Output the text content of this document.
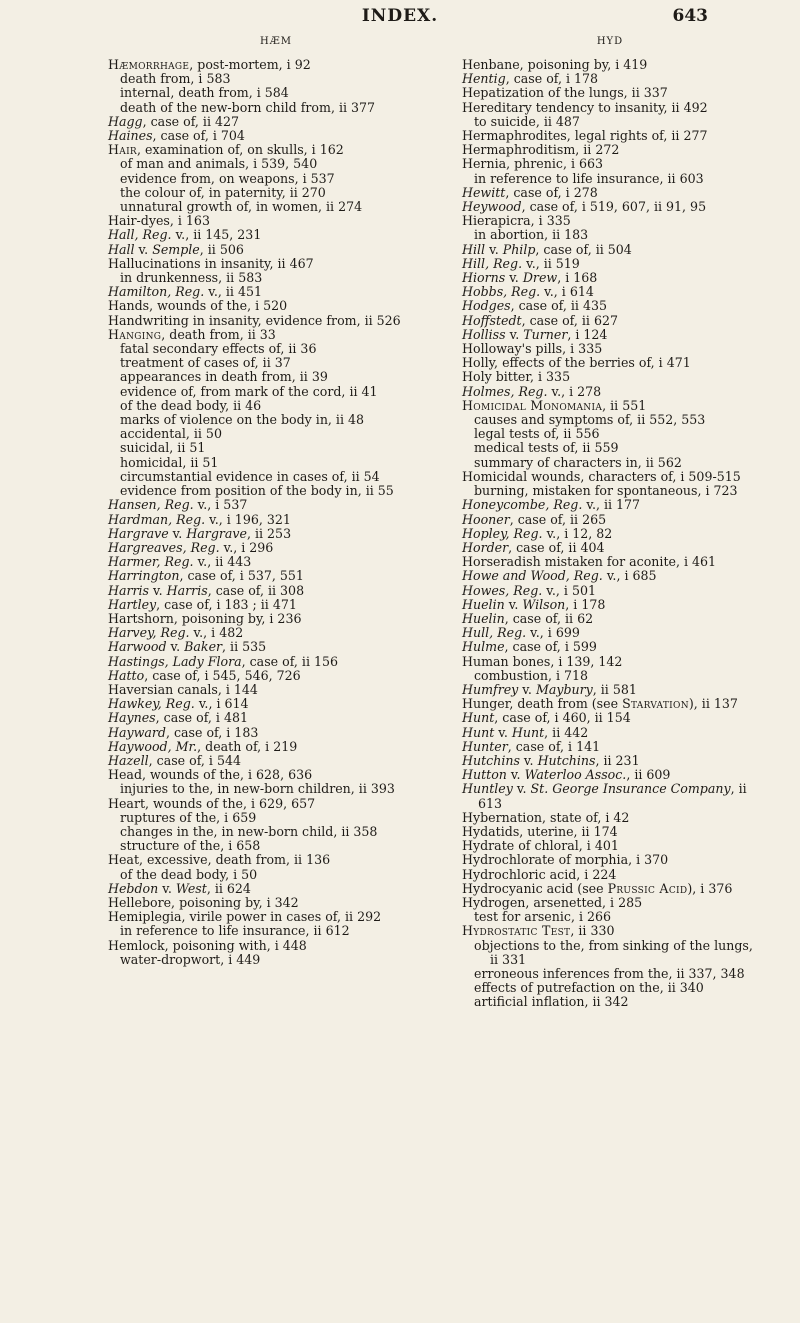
INDEX.	643
HÆM
Hæmorrhage, post-mortem, i 92
death from, i 583
internal, death from, i 584
death of the new-born child from, ii 377
Hagg, case of, ii 427
Haines, case of, i 704
Hair, examination of, on skulls, i 162
of man and animals, i 539, 540
evidence from, on weapons, i 537
the colour of, in paternity, ii 270
unnatural growth of, in women, ii 274
Hair-dyes, i 163
Hall, Reg. v., ii 145, 231
Hall v. Semple, ii 506
Hallucinations in insanity, ii 467
in drunkenness, ii 583
Hamilton, Reg. v., ii 451
Hands, wounds of the, i 520
Handwriting in insanity, evidence from, ii 526
Hanging, death from, ii 33
fatal secondary effects of, ii 36
treatment of cases of, ii 37
appearances in death from, ii 39
evidence of, from mark of the cord, ii 41
of the dead body, ii 46
marks of violence on the body in, ii 48
accidental, ii 50
suicidal, ii 51
homicidal, ii 51
circumstantial evidence in cases of, ii 54
evidence from position of the body in, ii 55
Hansen, Reg. v., i 537
Hardman, Reg. v., i 196, 321
Hargrave v. Hargrave, ii 253
Hargreaves, Reg. v., i 296
Harmer, Reg. v., ii 443
Harrington, case of, i 537, 551
Harris v. Harris, case of, ii 308
Hartley, case of, i 183 ; ii 471
Hartshorn, poisoning by, i 236
Harvey, Reg. v., i 482
Harwood v. Baker, ii 535
Hastings, Lady Flora, case of, ii 156
Hatto, case of, i 545, 546, 726
Haversian canals, i 144
Hawkey, Reg. v., i 614
Haynes, case of, i 481
Hayward, case of, i 183
Haywood, Mr., death of, i 219
Hazell, case of, i 544
Head, wounds of the, i 628, 636
injuries to the, in new-born children, ii 393
Heart, wounds of the, i 629, 657
ruptures of the, i 659
changes in the, in new-born child, ii 358
structure of the, i 658
Heat, excessive, death from, ii 136
of the dead body, i 50
Hebdon v. West, ii 624
Hellebore, poisoning by, i 342
Hemiplegia, virile power in cases of, ii 292
in reference to life insurance, ii 612
Hemlock, poisoning with, i 448
water-dropwort, i 449
HYD
Henbane, poisoning by, i 419
Hentig, case of, i 178
Hepatization of the lungs, ii 337
Hereditary tendency to insanity, ii 492
to suicide, ii 487
Hermaphrodites, legal rights of, ii 277
Hermaphroditism, ii 272
Hernia, phrenic, i 663
in reference to life insurance, ii 603
Hewitt, case of, i 278
Heywood, case of, i 519, 607, ii 91, 95
Hierapicra, i 335
in abortion, ii 183
Hill v. Philp, case of, ii 504
Hill, Reg. v., ii 519
Hiorns v. Drew, i 168
Hobbs, Reg. v., i 614
Hodges, case of, ii 435
Hoffstedt, case of, ii 627
Holliss v. Turner, i 124
Holloway's pills, i 335
Holly, effects of the berries of, i 471
Holy bitter, i 335
Holmes, Reg. v., i 278
Homicidal Monomania, ii 551
causes and symptoms of, ii 552, 553
legal tests of, ii 556
medical tests of, ii 559
summary of characters in, ii 562
Homicidal wounds, characters of, i 509-515
burning, mistaken for spontaneous, i 723
Honeycombe, Reg. v., ii 177
Hooner, case of, ii 265
Hopley, Reg. v., i 12, 82
Horder, case of, ii 404
Horseradish mistaken for aconite, i 461
Howe and Wood, Reg. v., i 685
Howes, Reg. v., i 501
Huelin v. Wilson, i 178
Huelin, case of, ii 62
Hull, Reg. v., i 699
Hulme, case of, i 599
Human bones, i 139, 142
combustion, i 718
Humfrey v. Maybury, ii 581
Hunger, death from (see Starvation), ii 137
Hunt, case of, i 460, ii 154
Hunt v. Hunt, ii 442
Hunter, case of, i 141
Hutchins v. Hutchins, ii 231
Hutton v. Waterloo Assoc., ii 609
Huntley v. St. George Insurance Company, ii 613
Hybernation, state of, i 42
Hydatids, uterine, ii 174
Hydrate of chloral, i 401
Hydrochlorate of morphia, i 370
Hydrochloric acid, i 224
Hydrocyanic acid (see Prussic Acid), i 376
Hydrogen, arsenetted, i 285
test for arsenic, i 266
Hydrostatic Test, ii 330
objections to the, from sinking of the lungs, ii 331
erroneous inferences from the, ii 337, 348
effects of putrefaction on the, ii 340
artificial inflation, ii 342
